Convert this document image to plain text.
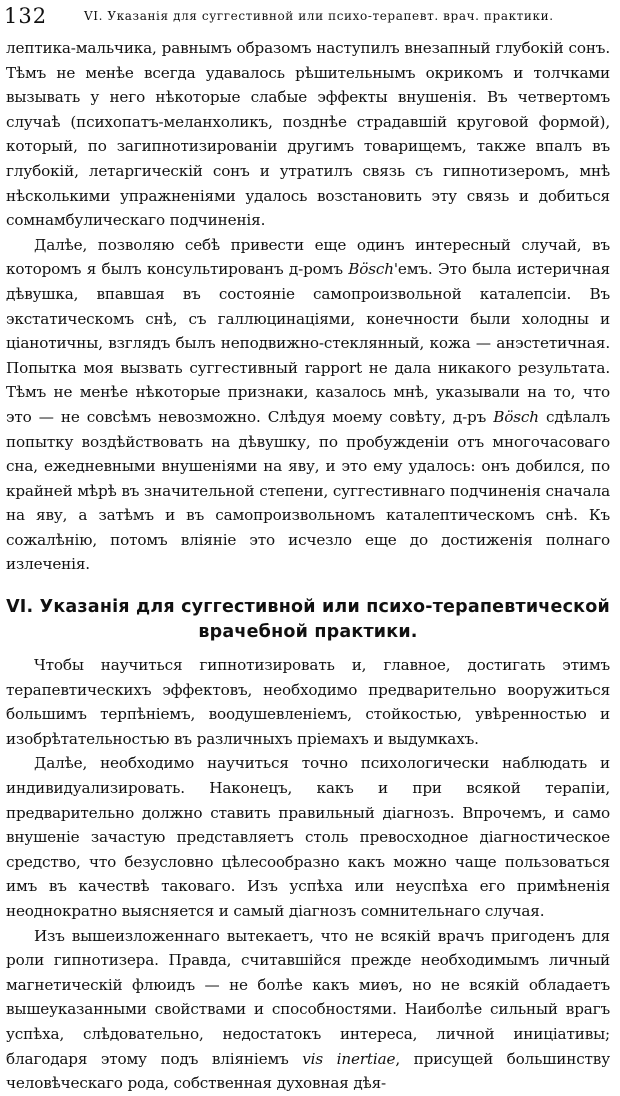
132	VI. Указанія для суггестивной или психо-терапевт. врач. практики.

лептика-мальчика, равнымъ образомъ наступилъ внезапный глубокій сонъ. Тѣмъ не менѣе всегда удавалось рѣшительнымъ окрикомъ и толчками вызывать у него нѣкоторые слабые эффекты внушенія. Въ четвертомъ случаѣ (психопатъ-меланхоликъ, позднѣе страдавшій круговой формой), который, по загипнотизированіи другимъ товарищемъ, также впалъ въ глубокій, летаргическій сонъ и утратилъ связь съ гипнотизеромъ, мнѣ нѣсколькими упражненіями удалось возстановить эту связь и добиться сомнамбулическаго подчиненія.

Далѣе, позволяю себѣ привести еще одинъ интересный случай, въ которомъ я былъ консультированъ д-ромъ Bösch'емъ. Это была истеричная дѣвушка, впавшая въ состояніе самопроизвольной каталепсіи. Въ экстатическомъ снѣ, съ галлюцинаціями, конечности были холодны и ціанотичны, взглядъ былъ неподвижно-стеклянный, кожа — анэстетичная. Попытка моя вызвать суггестивный rapport не дала никакого результата. Тѣмъ не менѣе нѣкоторые признаки, казалось мнѣ, указывали на то, что это — не совсѣмъ невозможно. Слѣдуя моему совѣту, д-ръ Bösch сдѣлалъ попытку воздѣйствовать на дѣвушку, по пробужденіи отъ многочасоваго сна, ежедневными внушеніями на яву, и это ему удалось: онъ добился, по крайней мѣрѣ въ значительной степени, суггестивнаго подчиненія сначала на яву, а затѣмъ и въ самопроизвольномъ каталептическомъ снѣ. Къ сожалѣнію, потомъ вліяніе это исчезло еще до достиженія полнаго излеченія.

VI. Указанія для суггестивной или психо-терапевтической
врачебной практики.

Чтобы научиться гипнотизировать и, главное, достигать этимъ терапевтическихъ эффектовъ, необходимо предварительно вооружиться большимъ терпѣніемъ, воодушевленіемъ, стойкостью, увѣренностью и изобрѣтательностью въ различныхъ пріемахъ и выдумкахъ.

Далѣе, необходимо научиться точно психологически наблюдать и индивидуализировать. Наконецъ, какъ и при всякой терапіи, предварительно должно ставить правильный діагнозъ. Впрочемъ, и само внушеніе зачастую представляетъ столь превосходное діагностическое средство, что безусловно цѣлесообразно какъ можно чаще пользоваться имъ въ качествѣ таковаго. Изъ успѣха или неуспѣха его примѣненія неоднократно выясняется и самый діагнозъ сомнительнаго случая.

Изъ вышеизложеннаго вытекаетъ, что не всякій врачъ пригоденъ для роли гипнотизера. Правда, считавшійся прежде необходимымъ личный магнетическій флюидъ — не болѣе какъ миѳъ, но не всякій обладаетъ вышеуказанными свойствами и способностями. Наиболѣе сильный врагъ успѣха, слѣдовательно, недостатокъ интереса, личной иниціативы; благодаря этому подъ вліяніемъ vis inertiae, присущей большинству человѣческаго рода, собственная духовная дѣя-
